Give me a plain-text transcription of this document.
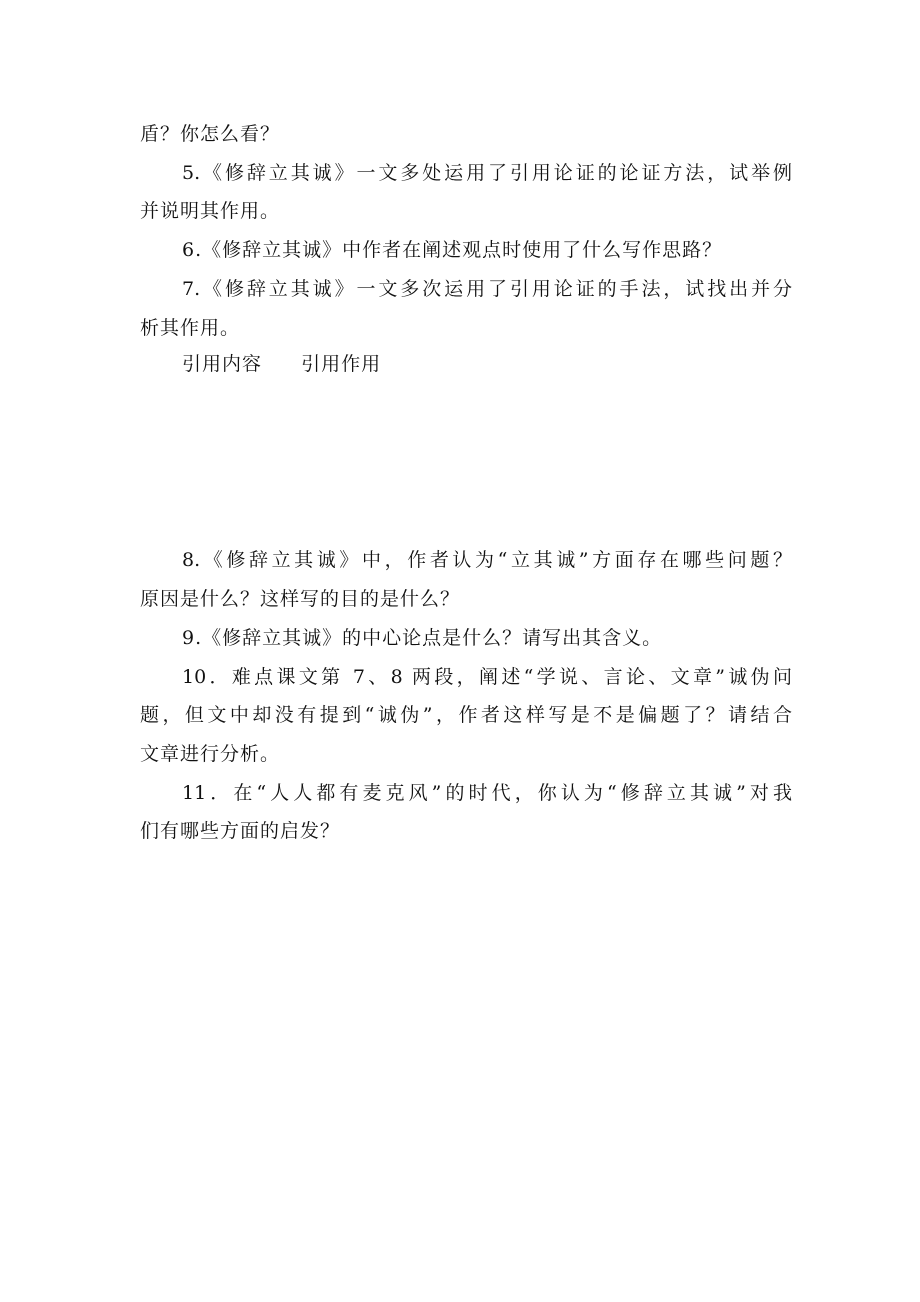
盾？你怎么看？
5.《修辞立其诚》一文多处运用了引用论证的论证方法，试举例
并说明其作用。
6.《修辞立其诚》中作者在阐述观点时使用了什么写作思路？
7.《修辞立其诚》一文多次运用了引用论证的手法，试找出并分
析其作用。
引用内容 引用作用
8.《修辞立其诚》中，作者认为“立其诚”方面存在哪些问题？
原因是什么？这样写的目的是什么？
9.《修辞立其诚》的中心论点是什么？请写出其含义。
10．难点课文第 7、8 两段，阐述“学说、言论、文章”诚伪问
题，但文中却没有提到“诚伪”，作者这样写是不是偏题了？请结合
文章进行分析。
11．在“人人都有麦克风”的时代，你认为“修辞立其诚”对我
们有哪些方面的启发？
